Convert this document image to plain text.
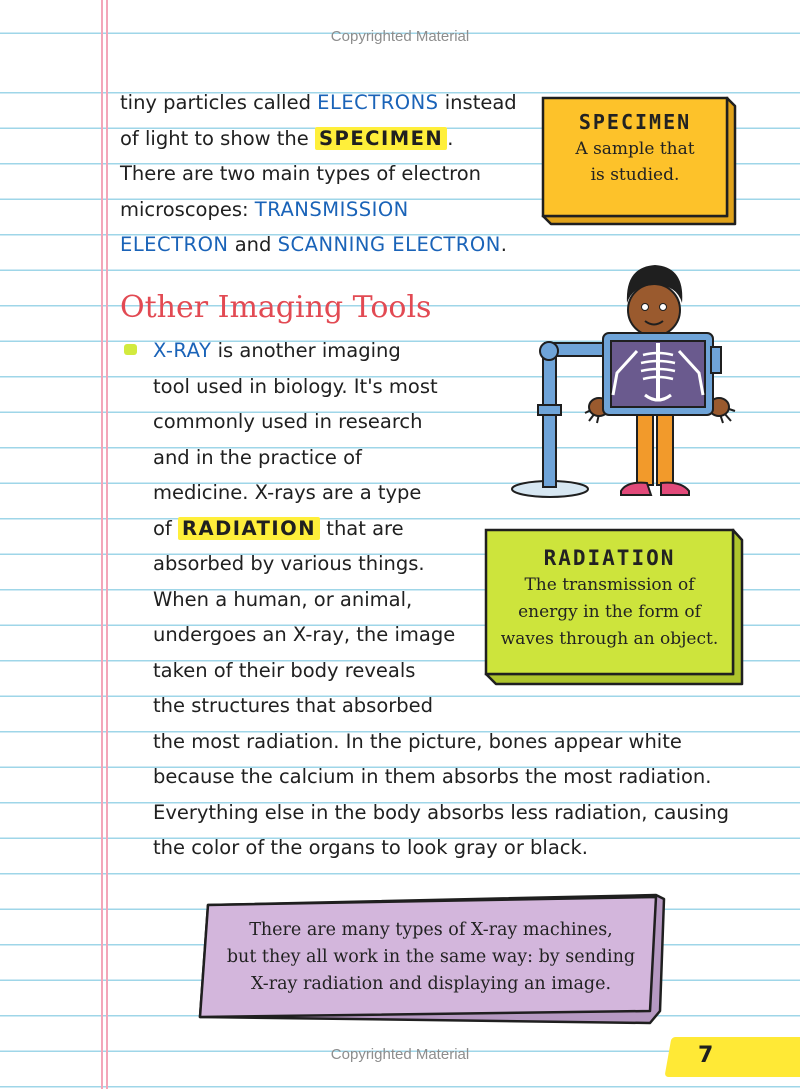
Copyrighted Material
tiny particles called ELECTRONS instead
of light to show the SPECIMEN .
There are two main types of electron
microscopes: TRANSMISSION
ELECTRON and SCANNING ELECTRON.
SPECIMEN
A sample that
is studied.
Other Imaging Tools
X-RAY is another imaging
tool used in biology. It's most
commonly used in research
and in the practice of
medicine. X-rays are a type
of RADIATION that are
absorbed by various things.
When a human, or animal,
undergoes an X-ray, the image
taken of their body reveals
the structures that absorbed
the most radiation. In the picture, bones appear white
because the calcium in them absorbs the most radiation.
Everything else in the body absorbs less radiation, causing
the color of the organs to look gray or black.
RADIATION
The transmission of
energy in the form of
waves through an object.
There are many types of X-ray machines,
but they all work in the same way: by sending
X-ray radiation and displaying an image.
Copyrighted Material	7
